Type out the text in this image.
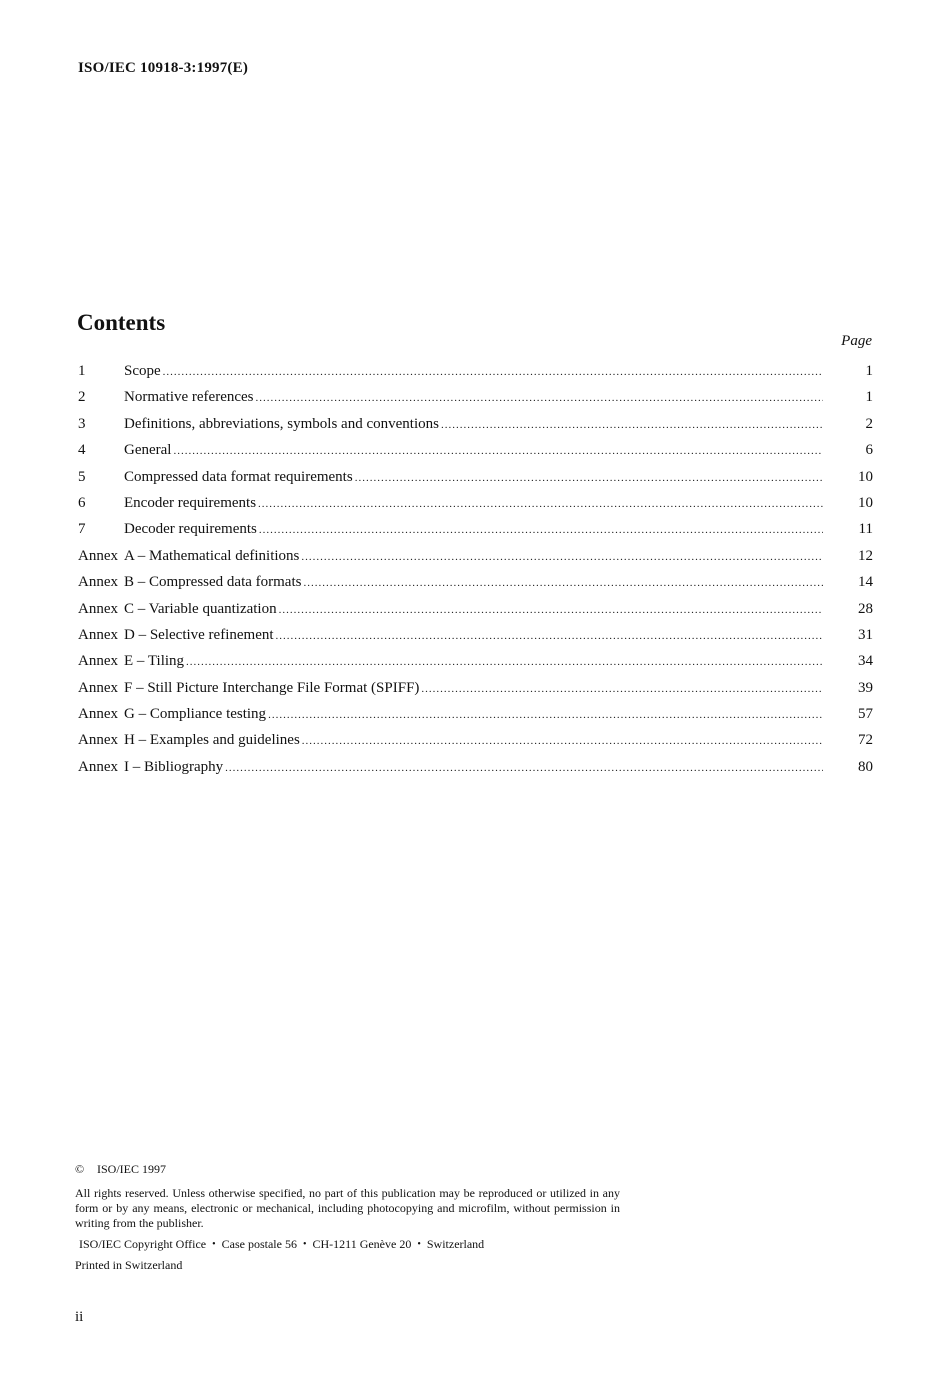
ISO/IEC 10918-3:1997(E)
Contents
Page
1	Scope .....	1
2	Normative references .....	1
3	Definitions, abbreviations, symbols and conventions .....	2
4	General .....	6
5	Compressed data format requirements .....	10
6	Encoder requirements .....	10
7	Decoder requirements .....	11
Annex A – Mathematical definitions .....	12
Annex B – Compressed data formats .....	14
Annex C – Variable quantization .....	28
Annex D – Selective refinement .....	31
Annex E – Tiling .....	34
Annex F – Still Picture Interchange File Format (SPIFF) .....	39
Annex G – Compliance testing .....	57
Annex H – Examples and guidelines .....	72
Annex I – Bibliography .....	80
© ISO/IEC 1997

All rights reserved. Unless otherwise specified, no part of this publication may be reproduced or utilized in any form or by any means, electronic or mechanical, including photocopying and microfilm, without permission in writing from the publisher.

ISO/IEC Copyright Office • Case postale 56 • CH-1211 Genève 20 • Switzerland
Printed in Switzerland
ii
